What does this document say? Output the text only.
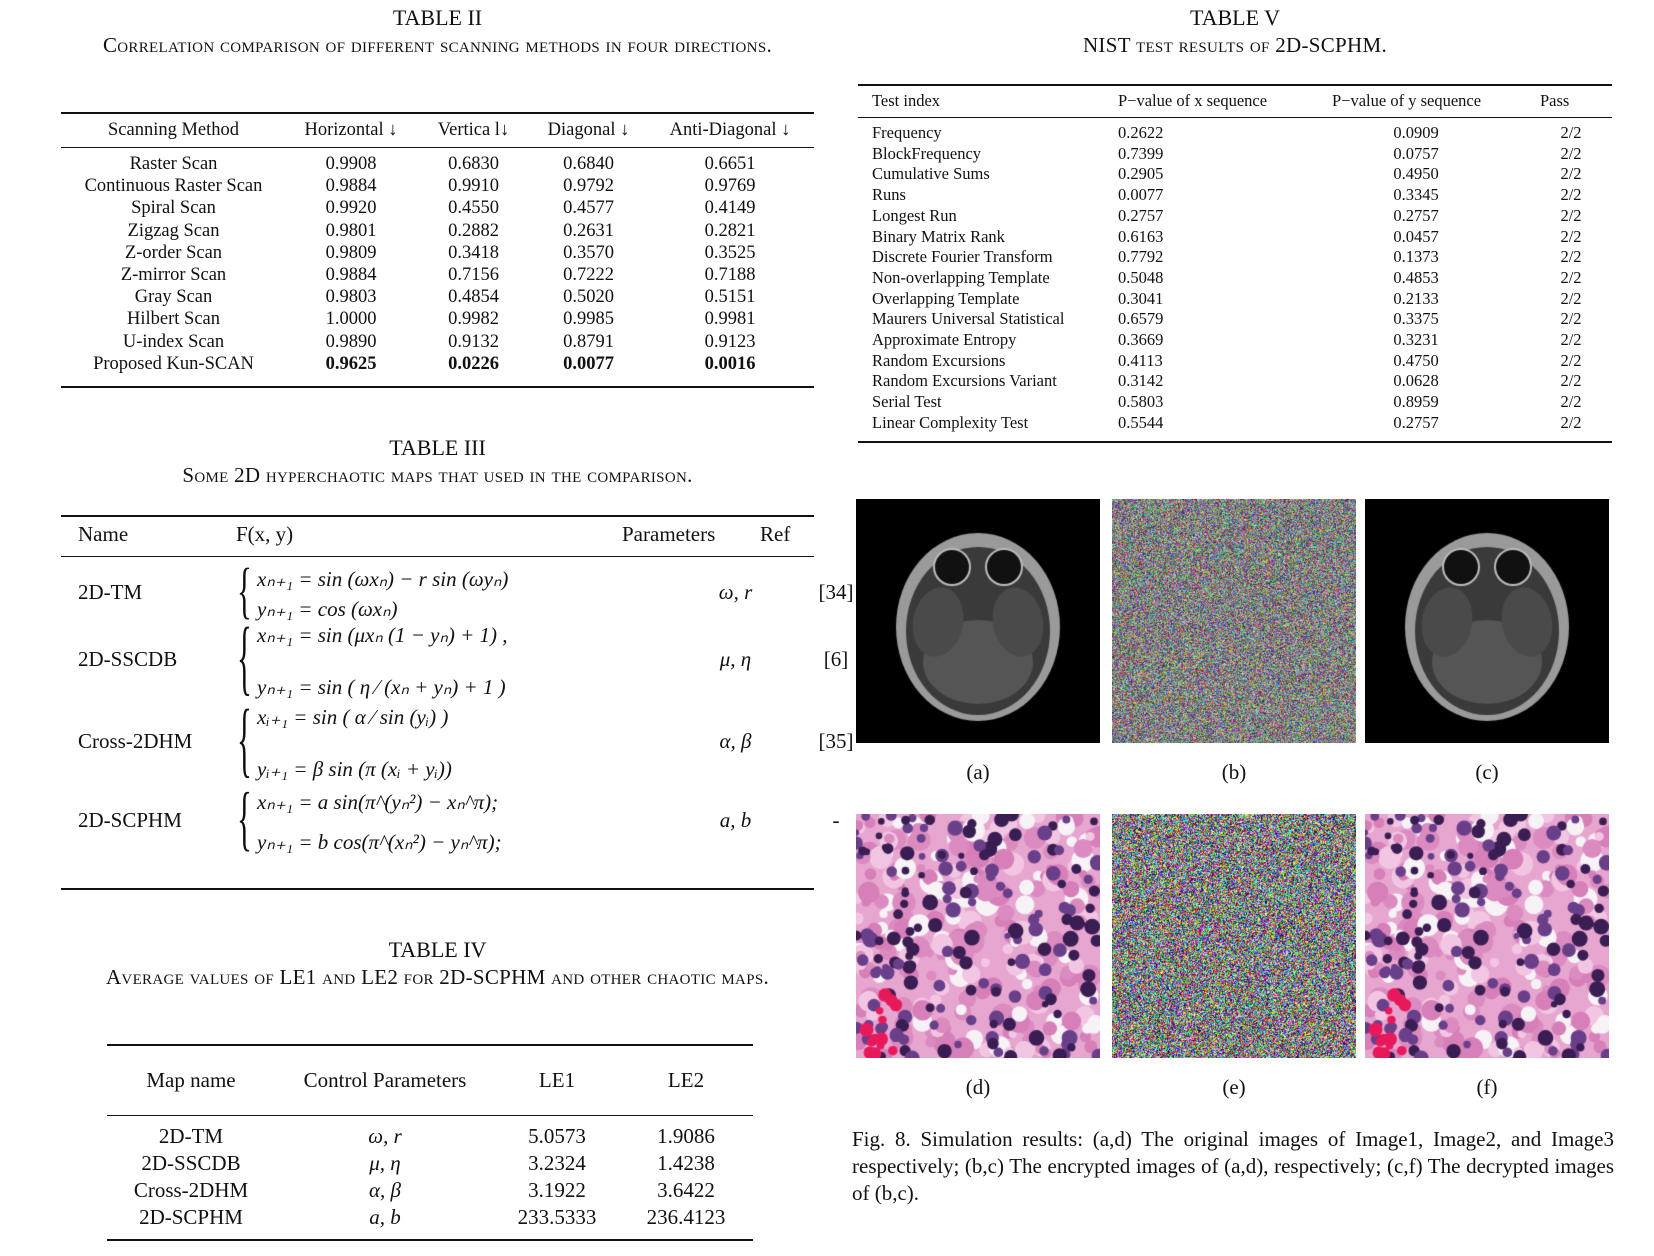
TABLE II
Correlation comparison of different scanning methods in four directions.
Scanning Method	Horizontal ↓	Vertica l↓	Diagonal ↓	Anti-Diagonal ↓

Raster Scan	0.9908	0.6830	0.6840	0.6651
Continuous Raster Scan	0.9884	0.9910	0.9792	0.9769
Spiral Scan	0.9920	0.4550	0.4577	0.4149
Zigzag Scan	0.9801	0.2882	0.2631	0.2821
Z-order Scan	0.9809	0.3418	0.3570	0.3525
Z-mirror Scan	0.9884	0.7156	0.7222	0.7188
Gray Scan	0.9803	0.4854	0.5020	0.5151
Hilbert Scan	1.0000	0.9982	0.9985	0.9981
U-index Scan	0.9890	0.9132	0.8791	0.9123
Proposed Kun-SCAN	0.9625	0.0226	0.0077	0.0016
TABLE III
Some 2D hyperchaotic maps that used in the comparison.
Name	F(x, y)	Parameters Ref
2D-TM { xₙ₊₁ = sin (ωxₙ) − r sin (ωyₙ)
yₙ₊₁ = cos (ωxₙ)
ω, r	[34]
2D-SSCDB { xₙ₊₁ = sin (μxₙ (1 − yₙ) + 1) ,
yₙ₊₁ = sin ( η ⁄ (xₙ + yₙ) + 1 )
μ, η	[6]
Cross-2DHM { xᵢ₊₁ = sin ( α ⁄ sin (yᵢ) )
yᵢ₊₁ = β sin (π (xᵢ + yᵢ))
α, β	[35]
2D-SCPHM { xₙ₊₁ = a sin(π^(yₙ²) − xₙ^π);
yₙ₊₁ = b cos(π^(xₙ²) − yₙ^π);
a, b	-
TABLE IV
Average values of LE1 and LE2 for 2D-SCPHM and other chaotic maps.
Map name	Control Parameters	LE1	LE2

2D-TM	ω, r	5.0573	1.9086
2D-SSCDB	μ, η	3.2324	1.4238
Cross-2DHM	α, β	3.1922	3.6422
2D-SCPHM	a, b	233.5333	236.4123
TABLE V
NIST test results of 2D-SCPHM.
Test index	P−value of x sequence	P−value of y sequence	Pass

Frequency	0.2622	0.0909	2/2
BlockFrequency	0.7399	0.0757	2/2
Cumulative Sums	0.2905	0.4950	2/2
Runs	0.0077	0.3345	2/2
Longest Run	0.2757	0.2757	2/2
Binary Matrix Rank	0.6163	0.0457	2/2
Discrete Fourier Transform	0.7792	0.1373	2/2
Non-overlapping Template	0.5048	0.4853	2/2
Overlapping Template	0.3041	0.2133	2/2
Maurers Universal Statistical	0.6579	0.3375	2/2
Approximate Entropy	0.3669	0.3231	2/2
Random Excursions	0.4113	0.4750	2/2
Random Excursions Variant	0.3142	0.0628	2/2
Serial Test	0.5803	0.8959	2/2
Linear Complexity Test	0.5544	0.2757	2/2
(a)	(b)	(c)
(d)	(e)	(f)
Fig. 8. Simulation results: (a,d) The original images of Image1, Image2, and Image3 respectively; (b,c) The encrypted images of (a,d), respectively; (c,f) The decrypted images of (b,c).
